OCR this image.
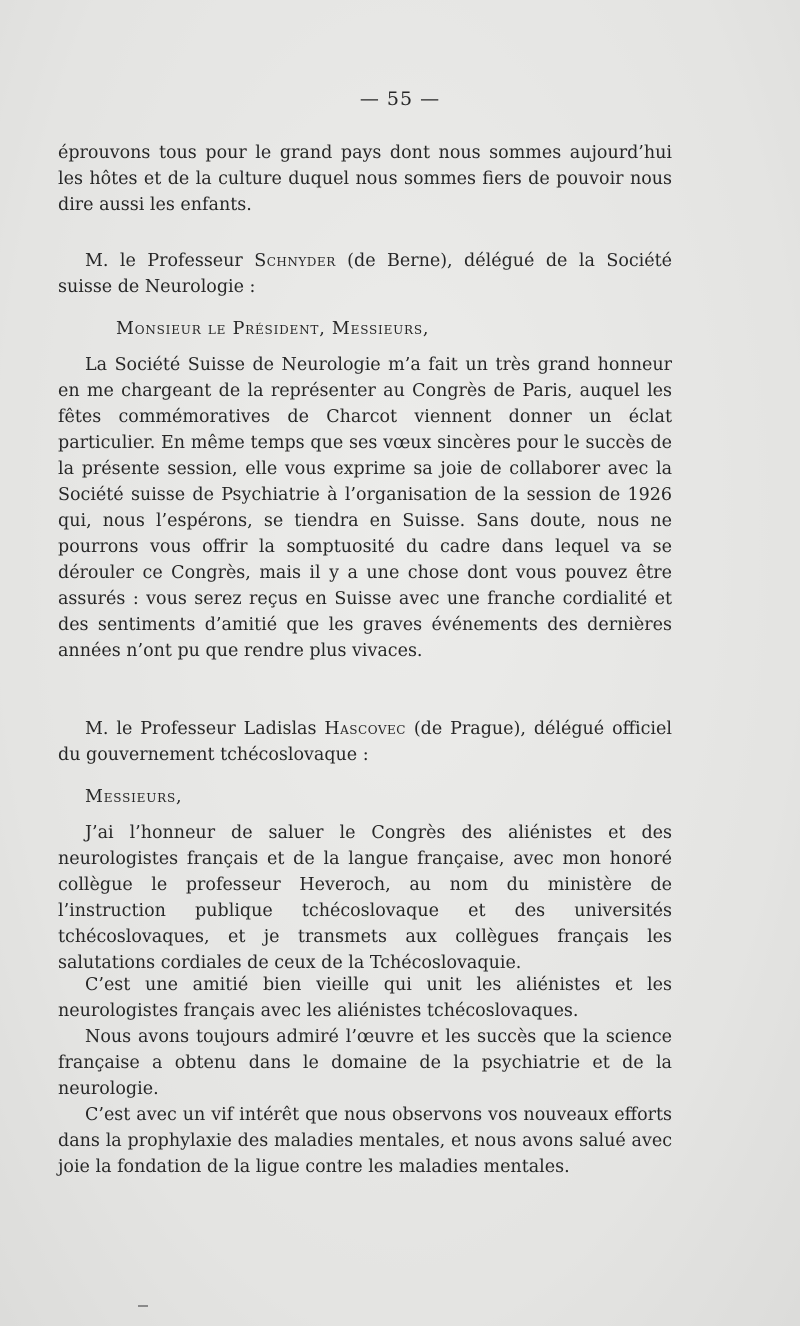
— 55 —

éprouvons tous pour le grand pays dont nous sommes aujourd’hui les hôtes et de la culture duquel nous sommes fiers de pouvoir nous dire aussi les enfants.

M. le Professeur Schnyder (de Berne), délégué de la Société suisse de Neurologie :

Monsieur le Président, Messieurs,

La Société Suisse de Neurologie m’a fait un très grand honneur en me chargeant de la représenter au Congrès de Paris, auquel les fêtes commémoratives de Charcot viennent donner un éclat particulier. En même temps que ses vœux sincères pour le succès de la présente session, elle vous exprime sa joie de collaborer avec la Société suisse de Psychiatrie à l’organisation de la session de 1926 qui, nous l’espérons, se tiendra en Suisse. Sans doute, nous ne pourrons vous offrir la somptuosité du cadre dans lequel va se dérouler ce Congrès, mais il y a une chose dont vous pouvez être assurés : vous serez reçus en Suisse avec une franche cordialité et des sentiments d’amitié que les graves événements des dernières années n’ont pu que rendre plus vivaces.

M. le Professeur Ladislas Hascovec (de Prague), délégué officiel du gouvernement tchécoslovaque :

Messieurs,

J’ai l’honneur de saluer le Congrès des aliénistes et des neurologistes français et de la langue française, avec mon honoré collègue le professeur Heveroch, au nom du ministère de l’instruction publique tchécoslovaque et des universités tchécoslovaques, et je transmets aux collègues français les salutations cordiales de ceux de la Tchécoslovaquie.

C’est une amitié bien vieille qui unit les aliénistes et les neurologistes français avec les aliénistes tchécoslovaques.

Nous avons toujours admiré l’œuvre et les succès que la science française a obtenu dans le domaine de la psychiatrie et de la neurologie.

C’est avec un vif intérêt que nous observons vos nouveaux efforts dans la prophylaxie des maladies mentales, et nous avons salué avec joie la fondation de la ligue contre les maladies mentales.
